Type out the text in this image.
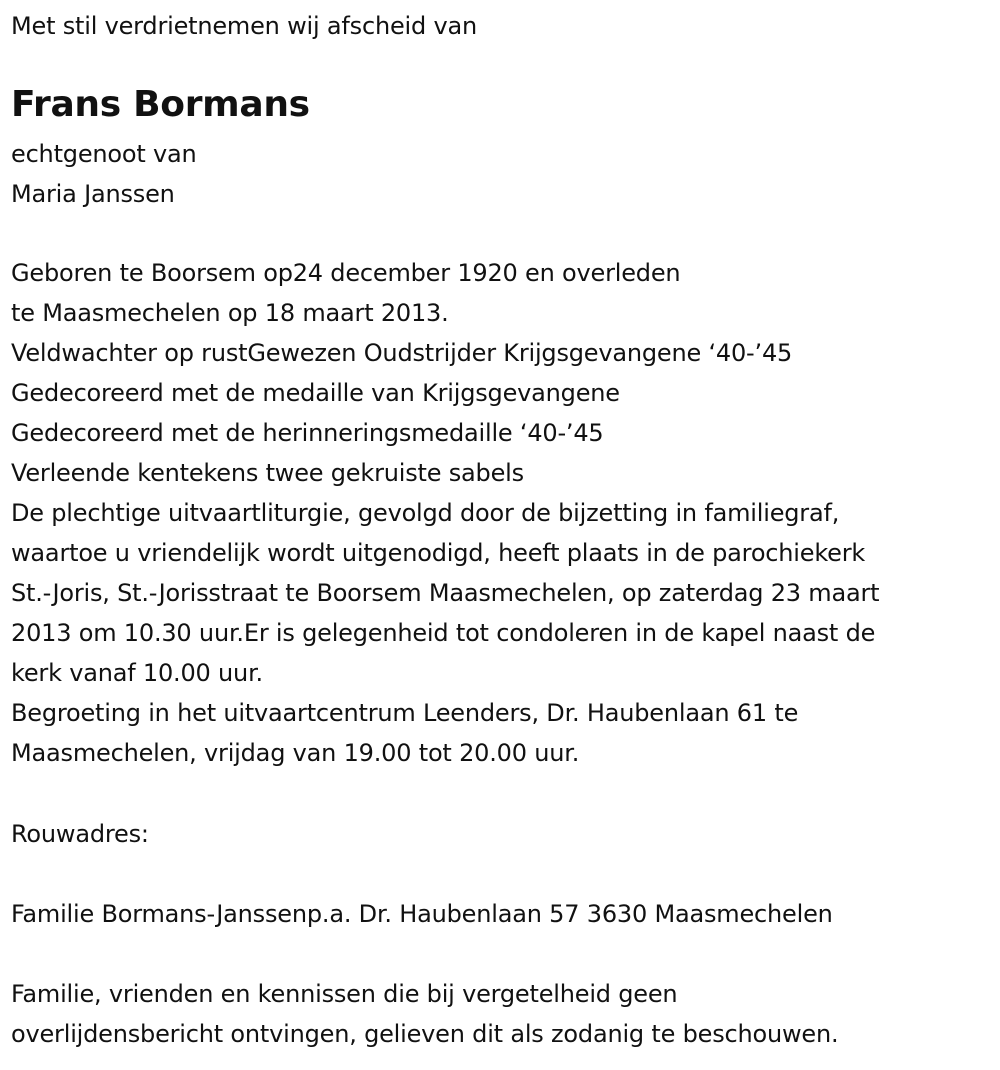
Met stil verdrietnemen wij afscheid van
Frans Bormans
echtgenoot van
Maria Janssen
Geboren te Boorsem op24 december 1920 en overleden
te Maasmechelen op 18 maart 2013.
Veldwachter op rustGewezen Oudstrijder Krijgsgevangene ‘40-’45
Gedecoreerd met de medaille van Krijgsgevangene
Gedecoreerd met de herinneringsmedaille ‘40-’45
Verleende kentekens twee gekruiste sabels
De plechtige uitvaartliturgie, gevolgd door de bijzetting in familiegraf,
waartoe u vriendelijk wordt uitgenodigd, heeft plaats in de parochiekerk
St.-Joris, St.-Jorisstraat te Boorsem Maasmechelen, op zaterdag 23 maart
2013 om 10.30 uur.Er is gelegenheid tot condoleren in de kapel naast de
kerk vanaf 10.00 uur.
Begroeting in het uitvaartcentrum Leenders, Dr. Haubenlaan 61 te
Maasmechelen, vrijdag van 19.00 tot 20.00 uur.
Rouwadres:
Familie Bormans-Janssenp.a. Dr. Haubenlaan 57 3630 Maasmechelen
Familie, vrienden en kennissen die bij vergetelheid geen
overlijdensbericht ontvingen, gelieven dit als zodanig te beschouwen.
